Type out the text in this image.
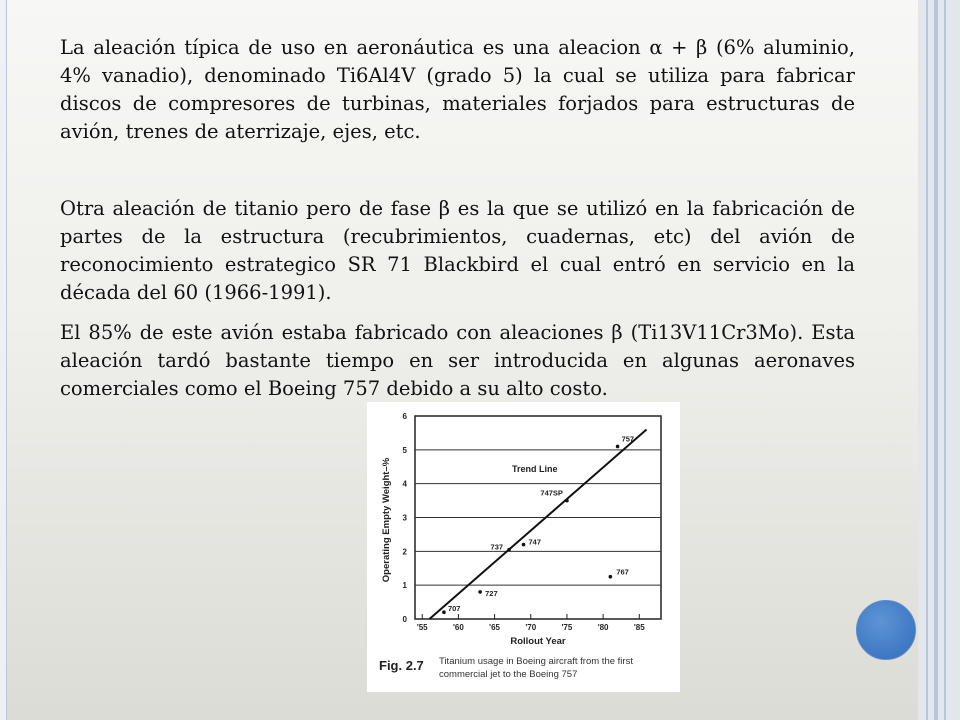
La aleación típica de uso en aeronáutica es una aleacion α + β (6% aluminio, 4% vanadio), denominado Ti6Al4V (grado 5) la cual se utiliza para fabricar discos de compresores de turbinas, materiales forjados para estructuras de avión, trenes de aterrizaje, ejes, etc.
Otra aleación de titanio pero de fase β es la que se utilizó en la fabricación de partes de la estructura (recubrimientos, cuadernas, etc) del avión de reconocimiento estrategico SR 71 Blackbird el cual entró en servicio en la década del 60 (1966-1991).
El 85% de este avión estaba fabricado con aleaciones β (Ti13V11Cr3Mo). Esta aleación tardó bastante tiempo en ser introducida en algunas aeronaves comerciales como el Boeing 757 debido a su alto costo.
0
1
2
3
4
5
6
'55	'60	'65	'70	'75	'80	'85
Trend Line
707
727
737
747
747SP
767
757
Rollout Year
Operating Empty Weight–%
Fig. 2.7 Titanium usage in Boeing aircraft from the first
commercial jet to the Boeing 757
